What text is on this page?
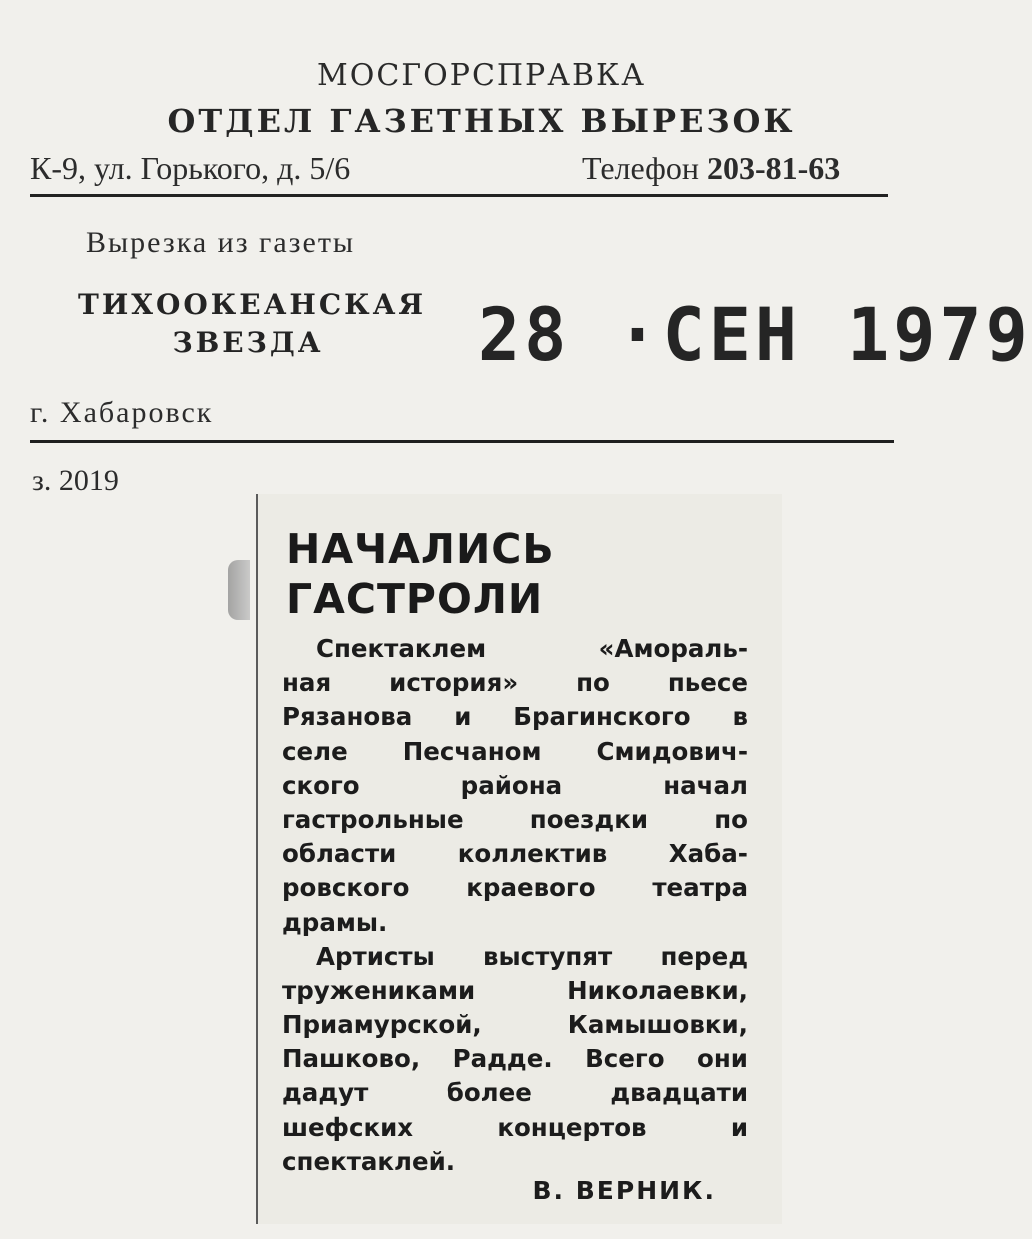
МОСГОРСПРАВКА
ОТДЕЛ ГАЗЕТНЫХ ВЫРЕЗОК
К-9, ул. Горького, д. 5/6	Телефон 203-81-63
Вырезка из газеты
ТИХООКЕАНСКАЯ
ЗВЕЗДА	28 ·СЕН 1979
г. Хабаровск
з. 2019
НАЧАЛИСЬ
ГАСТРОЛИ
Спектаклем	«Амораль-
ная история» по пьесе
Рязанова и Брагинского в
селе Песчаном Смидович-
ского	района	начал
гастрольные	поездки	по
области	коллектив	Хаба-
ровского краевого театра
драмы.
Артисты выступят перед
тружениками	Николаевки,
Приамурской,	Камышовки,
Пашково, Радде. Всего они
дадут	более	двадцати
шефских	концертов	и
спектаклей.
В. ВЕРНИК.
